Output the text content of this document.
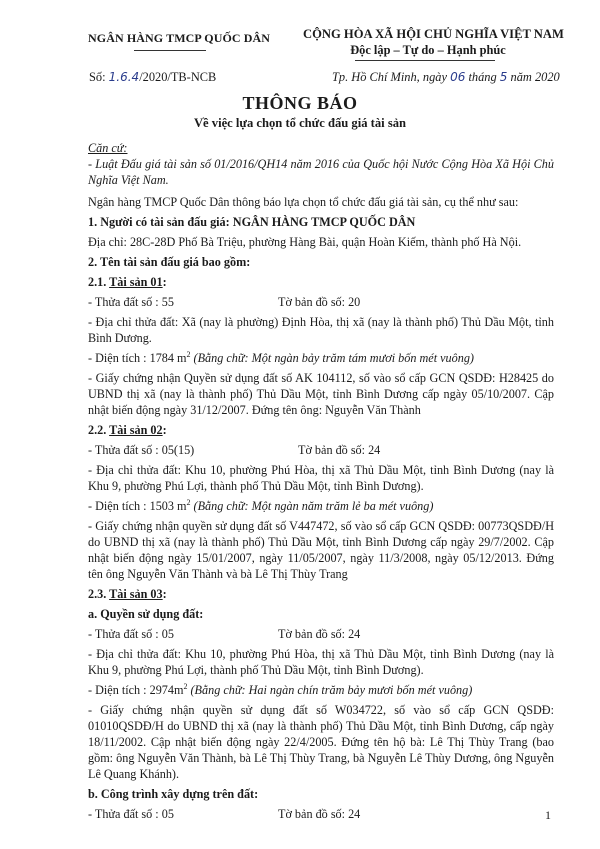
NGÂN HÀNG TMCP QUỐC DÂN	CỘNG HÒA XÃ HỘI CHỦ NGHĨA VIỆT NAM
Độc lập – Tự do – Hạnh phúc
Số: 1.6.4/2020/TB-NCB	Tp. Hồ Chí Minh, ngày 06 tháng 5 năm 2020
THÔNG BÁO
Về việc lựa chọn tổ chức đấu giá tài sản

Căn cứ:

- Luật Đấu giá tài sản số 01/2016/QH14 năm 2016 của Quốc hội Nước Cộng Hòa Xã Hội Chủ Nghĩa Việt Nam.

Ngân hàng TMCP Quốc Dân thông báo lựa chọn tổ chức đấu giá tài sản, cụ thể như sau:

1. Người có tài sản đấu giá: NGÂN HÀNG TMCP QUỐC DÂN

Địa chỉ: 28C-28D Phố Bà Triệu, phường Hàng Bài, quận Hoàn Kiếm, thành phố Hà Nội.

2. Tên tài sản đấu giá bao gồm:

2.1. Tài sản 01:

- Thửa đất số : 55	Tờ bản đồ số: 20

- Địa chỉ thửa đất: Xã (nay là phường) Định Hòa, thị xã (nay là thành phố) Thủ Dầu Một, tỉnh Bình Dương.

- Diện tích : 1784 $m^2$ (Bằng chữ: Một ngàn bảy trăm tám mươi bốn mét vuông)

- Giấy chứng nhận Quyền sử dụng đất số AK 104112, số vào sổ cấp GCN QSDĐ: H28425 do UBND thị xã (nay là thành phố) Thủ Dầu Một, tỉnh Bình Dương cấp ngày 05/10/2007. Cập nhật biến động ngày 31/12/2007. Đứng tên ông: Nguyễn Văn Thành

2.2. Tài sản 02:

- Thửa đất số : 05(15)	Tờ bản đồ số: 24

- Địa chỉ thửa đất: Khu 10, phường Phú Hòa, thị xã Thủ Dầu Một, tỉnh Bình Dương (nay là Khu 9, phường Phú Lợi, thành phố Thủ Dầu Một, tỉnh Bình Dương).

- Diện tích : 1503 $m^2$ (Bằng chữ: Một ngàn năm trăm lẻ ba mét vuông)

- Giấy chứng nhận quyền sử dụng đất số V447472, số vào sổ cấp GCN QSDĐ: 00773QSDĐ/H do UBND thị xã (nay là thành phố) Thủ Dầu Một, tỉnh Bình Dương cấp ngày 29/7/2002. Cập nhật biến động ngày 15/01/2007, ngày 11/05/2007, ngày 11/3/2008, ngày 05/12/2013. Đứng tên ông Nguyễn Văn Thành và bà Lê Thị Thùy Trang

2.3. Tài sản 03:

a. Quyền sử dụng đất:

- Thửa đất số : 05	Tờ bản đồ số: 24

- Địa chỉ thửa đất: Khu 10, phường Phú Hòa, thị xã Thủ Dầu Một, tỉnh Bình Dương (nay là Khu 9, phường Phú Lợi, thành phố Thủ Dầu Một, tỉnh Bình Dương).

- Diện tích : $2974m^2$ (Bằng chữ: Hai ngàn chín trăm bảy mươi bốn mét vuông)

- Giấy chứng nhận quyền sử dụng đất số W034722, số vào sổ cấp GCN QSDĐ: 01010QSDĐ/H do UBND thị xã (nay là thành phố) Thủ Dầu Một, tỉnh Bình Dương, cấp ngày 18/11/2002. Cập nhật biến động ngày 22/4/2005. Đứng tên hộ bà: Lê Thị Thùy Trang (bao gồm: ông Nguyễn Văn Thành, bà Lê Thị Thùy Trang, bà Nguyễn Lê Thùy Dương, ông Nguyễn Lê Quang Khánh).

b. Công trình xây dựng trên đất:

- Thửa đất số : 05	Tờ bản đồ số: 24	1
